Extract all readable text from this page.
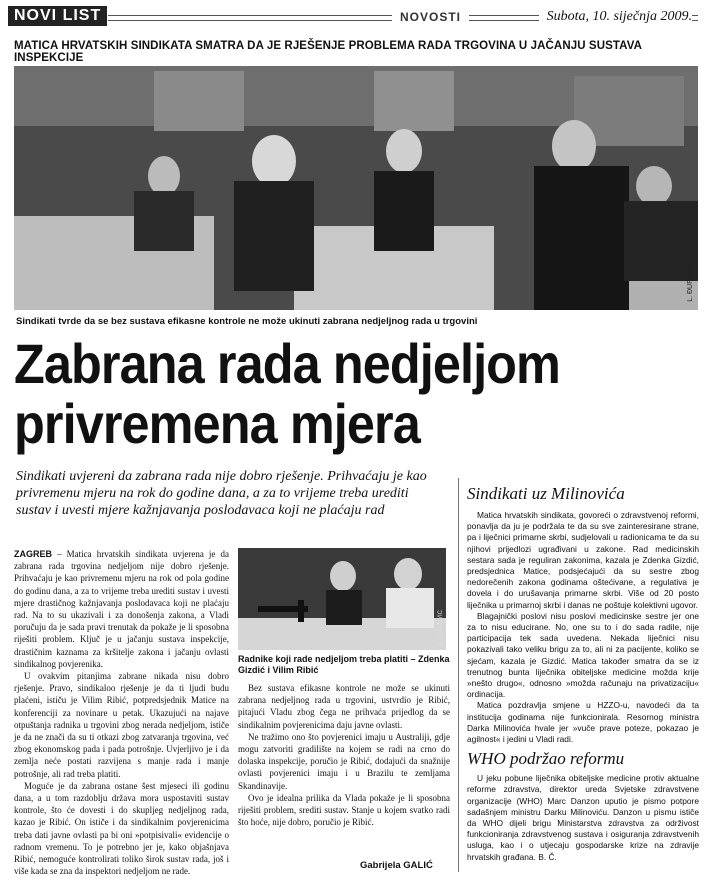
NOVI LIST	NOVOSTI	Subota, 10. siječnja 2009.
MATICA HRVATSKIH SINDIKATA SMATRA DA JE RJEŠENJE PROBLEMA RADA TRGOVINA U JAČANJU SUSTAVA INSPEKCIJE
L. ĐURAJA
Sindikati tvrde da se bez sustava efikasne kontrole ne može ukinuti zabrana nedjeljnog rada u trgovini
Zabrana rada nedjeljom
privremena mjera
Sindikati uvjereni da zabrana rada nije dobro rješenje. Prihvaćaju je kao privremenu mjeru na rok do godine dana, a za to vrijeme treba urediti sustav i uvesti mjere kažnjavanja poslodavaca koji ne plaćaju rad

ZAGREB – Matica hrvatskih sindikata uvjerena je da zabrana rada trgovina nedjeljom nije dobro rješenje. Prihvaćaju je kao privremenu mjeru na rok od pola godine do godinu dana, a za to vrijeme treba urediti sustav i uvesti mjere drastičnog kažnjavanja poslodavaca koji ne plaćaju rad. Na to su ukazivali i za donošenja zakona, a Vladi poručuju da je sada pravi trenutak da pokaže je li sposobna riješiti problem. Ključ je u jačanju sustava inspekcije, drastičnim kaznama za kršitelje zakona i jačanju ovlasti sindikalnog povjerenika.

U ovakvim pitanjima zabrane nikada nisu dobro rješenje. Pravo, sindikaloo rješenje je da ti ljudi budu plaćeni, ističu je Vilim Ribić, potpredsjednik Matice na konferenciji za novinare u petak. Ukazujući na najave otpuštanja radnika u trgovini zbog nerada nedjeljom, ističe je da ne znači da su ti otkazi zbog zatvaranja trgovina, već zbog ekonomskog pada i pada potrošnje. Uvjerljivo je i da zemlja neće postati razvijena s manje rada i manje potrošnje, ali rad treba platiti.

Moguće je da zabrana ostane šest mjeseci ili godinu dana, a u tom razdoblju država mora uspostaviti sustav kontrole, što će dovesti i do skupljeg nedjeljnog rada, kazao je Ribić. On ističe i da sindikalnim povjerenicima treba dati javne ovlasti pa bi oni »potpisivali« evidencije o radnom vremenu. To je potrebno jer je, kako objašnjava Ribić, nemoguće kontrolirati toliko širok sustav rada, još i više kada se zna da inspektori nedjeljom ne rade.

D. ALUJEVIĆ
Radnike koji rade nedjeljom treba platiti – Zdenka Gizdić i Vilim Ribić

Bez sustava efikasne kontrole ne može se ukinuti zabrana nedjeljnog rada u trgovini, ustvrdio je Ribić, pitajući Vladu zbog čega ne prihvaća prijedlog da se sindikalnim povjerenicima daju javne ovlasti.

Ne tražimo ono što povjerenici imaju u Australiji, gdje mogu zatvoriti gradilište na kojem se radi na crno do dolaska inspekcije, poručio je Ribić, dodajući da snažnije ovlasti povjerenici imaju i u Brazilu te zemljama Skandinavije.

Ovo je idealna prilika da Vlada pokaže je li sposobna riješiti problem, srediti sustav. Stanje u kojem svatko radi što hoće, nije dobro, poručio je Ribić.

Gabrijela GALIĆ
Sindikati uz Milinovića

Matica hrvatskih sindikata, govoreći o zdravstvenoj reformi, ponavlja da ju je podržala te da su sve zainteresirane strane, pa i liječnici primarne skrbi, sudjelovali u radionicama te da su njihovi prijedlozi ugrađivani u zakone. Rad medicinskih sestara sada je reguliran zakonima, kazala je Zdenka Gizdić, predsjednica Matice, podsjećajući da su sestre zbog nedorečenih zakona godinama oštećivane, a regulativa je dovela i do urušavanja primarne skrbi. Više od 20 posto liječnika u primarnoj skrbi i danas ne poštuje kolektivni ugovor.

Blagajnički poslovi nisu poslovi medicinske sestre jer one za to nisu educirane. No, one su to i do sada radile, nije participacija tek sada uvedena. Nekada liječnici nisu pokazivali tako veliku brigu za to, ali ni za pacijente, koliko se sjećam, kazala je Gizdić. Matica također smatra da se iz trenutnog bunta liječnika obiteljske medicine možda krije »nešto drugo«, odnosno »možda računaju na privatizaciju« ordinacija.

Matica pozdravlja smjene u HZZO-u, navodeći da ta institucija godinama nije funkcionirala. Resornog ministra Darka Milinovića hvale jer »vuče prave poteze, pokazao je agilnost« i jedini u Vladi radi.

WHO podržao reformu

U jeku pobune liječnika obiteljske medicine protiv aktualne reforme zdravstva, direktor ureda Svjetske zdravstvene organizacije (WHO) Marc Danzon uputio je pismo potpore sadašnjem ministru Darku Milinoviću. Danzon u pismu ističe da WHO dijeli brigu Ministarstva zdravstva za održivost funkcioniranja zdravstvenog sustava i osiguranja zdravstvenih usluga, kao i o utjecaju gospodarske krize na zdravije hrvatskih građana. B. Č.
